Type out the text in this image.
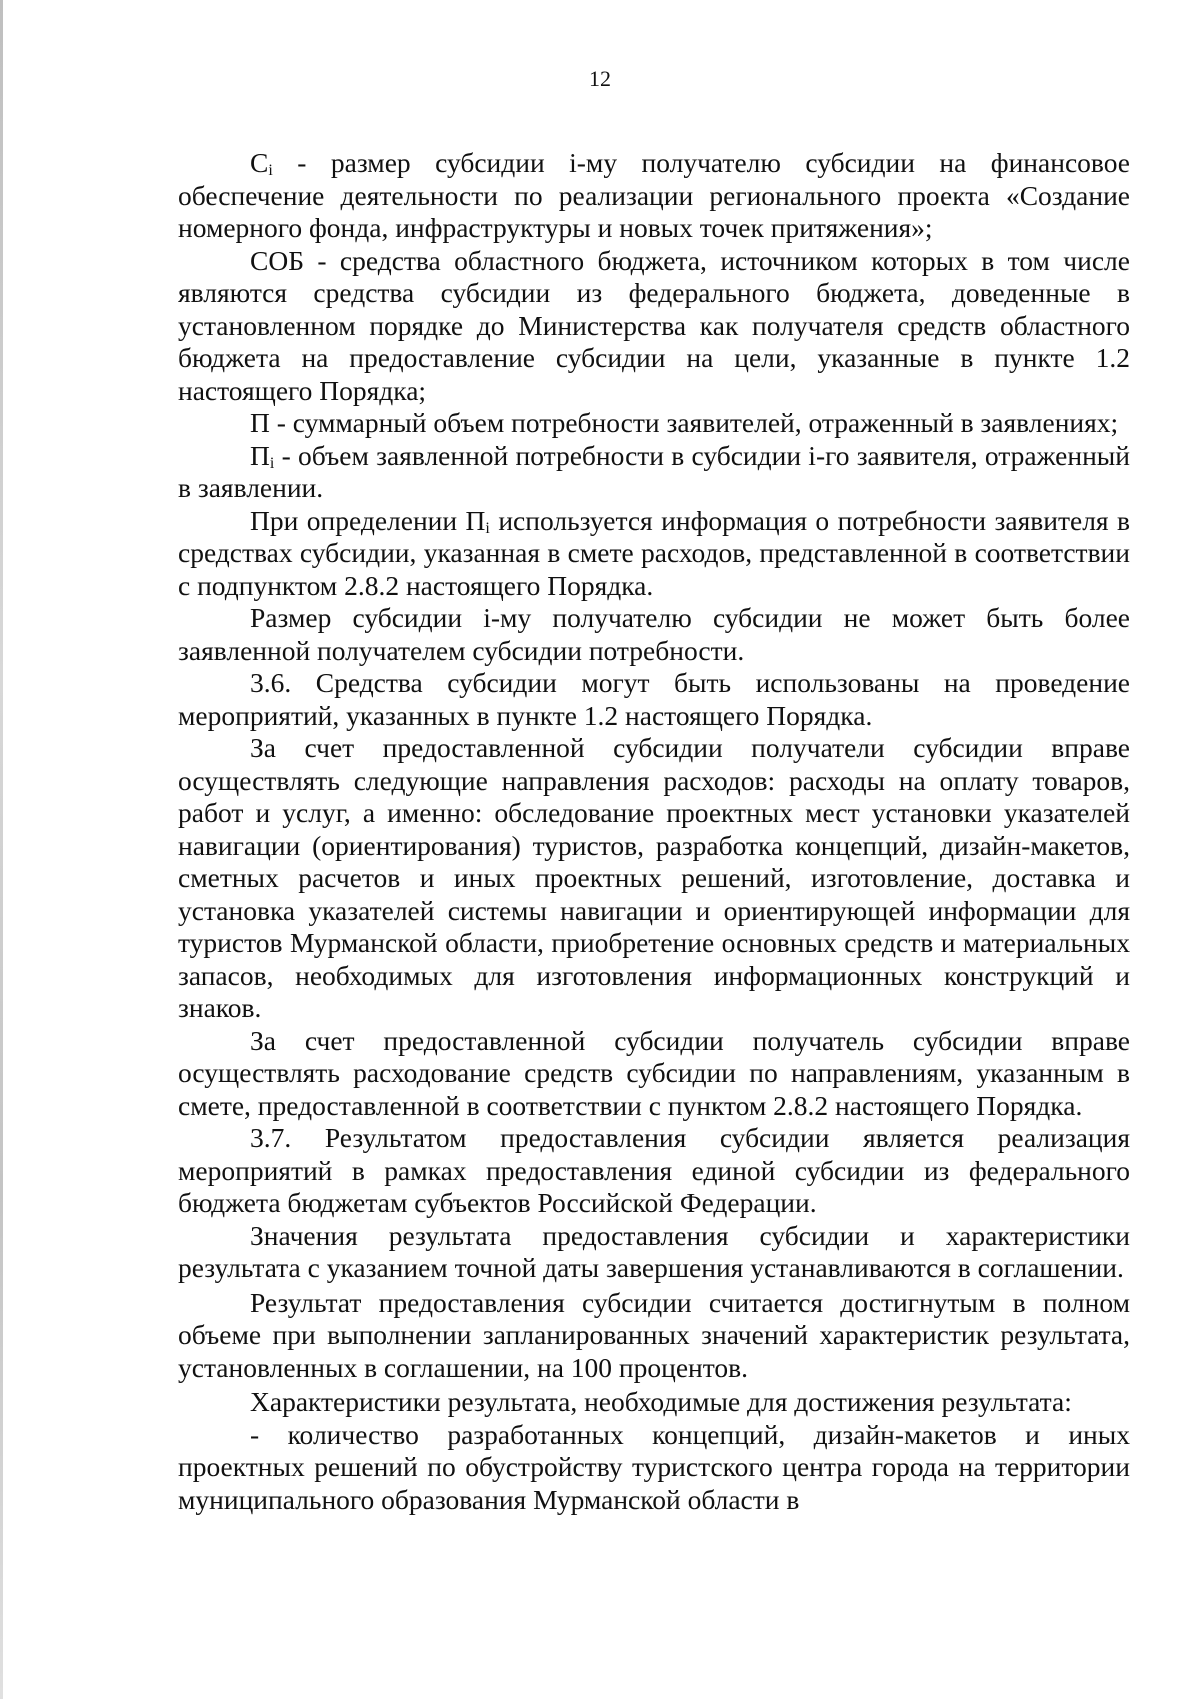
12

$C_i$ - размер субсидии i-му получателю субсидии на финансовое обеспечение деятельности по реализации регионального проекта «Создание номерного фонда, инфраструктуры и новых точек притяжения»;

СОБ - средства областного бюджета, источником которых в том числе являются средства субсидии из федерального бюджета, доведенные в установленном порядке до Министерства как получателя средств областного бюджета на предоставление субсидии на цели, указанные в пункте 1.2 настоящего Порядка;

П - суммарный объем потребности заявителей, отраженный в заявлениях;

$П_i$ - объем заявленной потребности в субсидии i-го заявителя, отраженный в заявлении.

При определении $П_i$ используется информация о потребности заявителя в средствах субсидии, указанная в смете расходов, представленной в соответствии с подпунктом 2.8.2 настоящего Порядка.

Размер субсидии i-му получателю субсидии не может быть более заявленной получателем субсидии потребности.

3.6. Средства субсидии могут быть использованы на проведение мероприятий, указанных в пункте 1.2 настоящего Порядка.

За счет предоставленной субсидии получатели субсидии вправе осуществлять следующие направления расходов: расходы на оплату товаров, работ и услуг, а именно: обследование проектных мест установки указателей навигации (ориентирования) туристов, разработка концепций, дизайн-макетов, сметных расчетов и иных проектных решений, изготовление, доставка и установка указателей системы навигации и ориентирующей информации для туристов Мурманской области, приобретение основных средств и материальных запасов, необходимых для изготовления информационных конструкций и знаков.

За счет предоставленной субсидии получатель субсидии вправе осуществлять расходование средств субсидии по направлениям, указанным в смете, предоставленной в соответствии с пунктом 2.8.2 настоящего Порядка.

3.7. Результатом предоставления субсидии является реализация мероприятий в рамках предоставления единой субсидии из федерального бюджета бюджетам субъектов Российской Федерации.

Значения результата предоставления субсидии и характеристики результата с указанием точной даты завершения устанавливаются в соглашении.

Результат предоставления субсидии считается достигнутым в полном объеме при выполнении запланированных значений характеристик результата, установленных в соглашении, на 100 процентов.

Характеристики результата, необходимые для достижения результата:

- количество разработанных концепций, дизайн-макетов и иных проектных решений по обустройству туристского центра города на территории муниципального образования Мурманской области в
